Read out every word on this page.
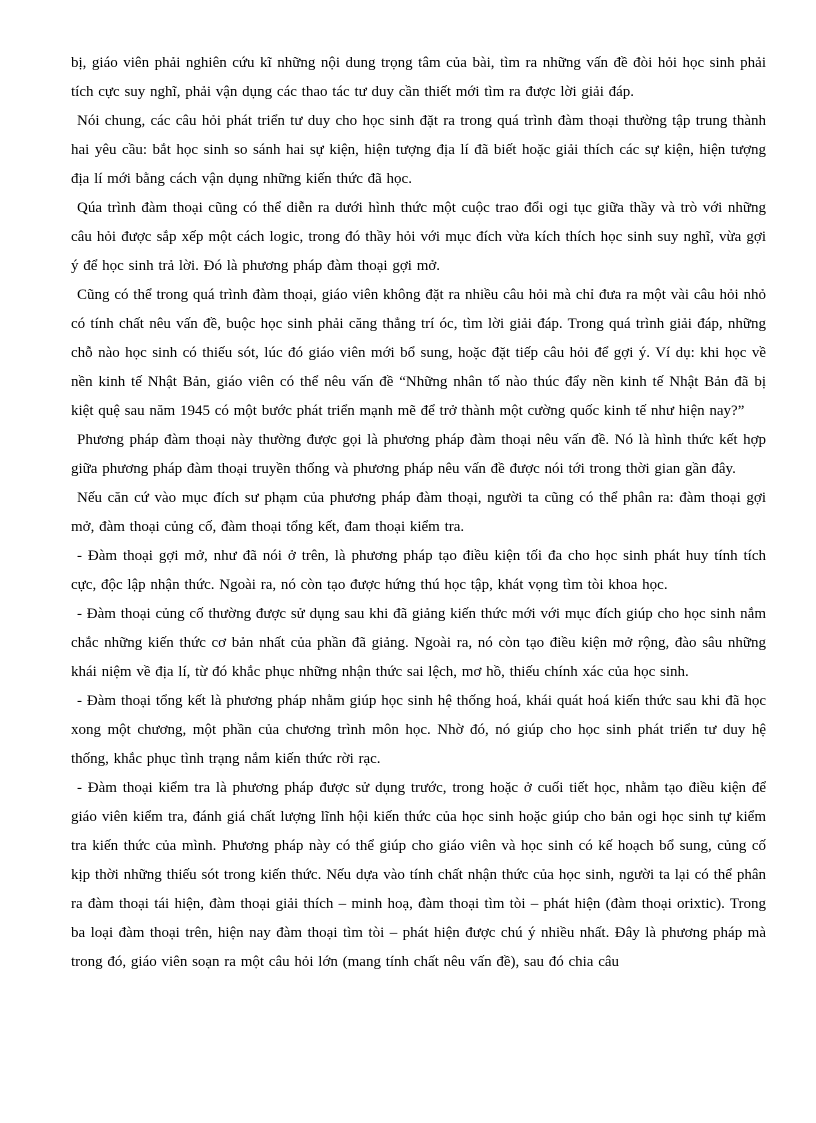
bị, giáo viên phải nghiên cứu kĩ những nội dung trọng tâm của bài, tìm ra những vấn đề đòi hỏi học sinh phải tích cực suy nghĩ, phải vận dụng các thao tác tư duy cần thiết mới tìm ra được lời giải đáp.

Nói chung, các câu hỏi phát triển tư duy cho học sinh đặt ra trong quá trình đàm thoại thường tập trung thành hai yêu cầu: bắt học sinh so sánh hai sự kiện, hiện tượng địa lí đã biết hoặc giải thích các sự kiện, hiện tượng địa lí mới bằng cách vận dụng những kiến thức đã học.

Qúa trình đàm thoại cũng có thể diễn ra dưới hình thức một cuộc trao đổi ogi tục giữa thầy và trò với những câu hỏi được sắp xếp một cách logic, trong đó thầy hỏi với mục đích vừa kích thích học sinh suy nghĩ, vừa gợi ý để học sinh trả lời. Đó là phương pháp đàm thoại gợi mở.

Cũng có thể trong quá trình đàm thoại, giáo viên không đặt ra nhiều câu hỏi mà chỉ đưa ra một vài câu hỏi nhỏ có tính chất nêu vấn đề, buộc học sinh phải căng thẳng trí óc, tìm lời giải đáp. Trong quá trình giải đáp, những chỗ nào học sinh có thiếu sót, lúc đó giáo viên mới bổ sung, hoặc đặt tiếp câu hỏi để gợi ý. Ví dụ: khi học về nền kinh tế Nhật Bản, giáo viên có thể nêu vấn đề “Những nhân tố nào thúc đẩy nền kinh tế Nhật Bản đã bị kiệt quệ sau năm 1945 có một bước phát triển mạnh mẽ để trở thành một cường quốc kinh tế như hiện nay?”

Phương pháp đàm thoại này thường được gọi là phương pháp đàm thoại nêu vấn đề. Nó là hình thức kết hợp giữa phương pháp đàm thoại truyền thống và phương pháp nêu vấn đề được nói tới trong thời gian gần đây.

Nếu căn cứ vào mục đích sư phạm của phương pháp đàm thoại, người ta cũng có thể phân ra: đàm thoại gợi mở, đàm thoại củng cố, đàm thoại tổng kết, đam thoại kiểm tra.

- Đàm thoại gợi mở, như đã nói ở trên, là phương pháp tạo điều kiện tối đa cho học sinh phát huy tính tích cực, độc lập nhận thức. Ngoài ra, nó còn tạo được hứng thú học tập, khát vọng tìm tòi khoa học.

- Đàm thoại củng cố thường được sử dụng sau khi đã giảng kiến thức mới với mục đích giúp cho học sinh nắm chắc những kiến thức cơ bản nhất của phần đã giảng. Ngoài ra, nó còn tạo điều kiện mở rộng, đào sâu những khái niệm về địa lí, từ đó khắc phục những nhận thức sai lệch, mơ hồ, thiếu chính xác của học sinh.

- Đàm thoại tổng kết là phương pháp nhằm giúp học sinh hệ thống hoá, khái quát hoá kiến thức sau khi đã học xong một chương, một phần của chương trình môn học. Nhờ đó, nó giúp cho học sinh phát triển tư duy hệ thống, khắc phục tình trạng nắm kiến thức rời rạc.

- Đàm thoại kiểm tra là phương pháp được sử dụng trước, trong hoặc ở cuối tiết học, nhằm tạo điều kiện để giáo viên kiểm tra, đánh giá chất lượng lĩnh hội kiến thức của học sinh hoặc giúp cho bản ogi học sinh tự kiểm tra kiến thức của mình. Phương pháp này có thể giúp cho giáo viên và học sinh có kế hoạch bổ sung, củng cố kịp thời những thiếu sót trong kiến thức. Nếu dựa vào tính chất nhận thức của học sinh, người ta lại có thể phân ra đàm thoại tái hiện, đàm thoại giải thích – minh hoạ, đàm thoại tìm tòi – phát hiện (đàm thoại orixtic). Trong ba loại đàm thoại trên, hiện nay đàm thoại tìm tòi – phát hiện được chú ý nhiều nhất. Đây là phương pháp mà trong đó, giáo viên soạn ra một câu hỏi lớn (mang tính chất nêu vấn đề), sau đó chia câu
